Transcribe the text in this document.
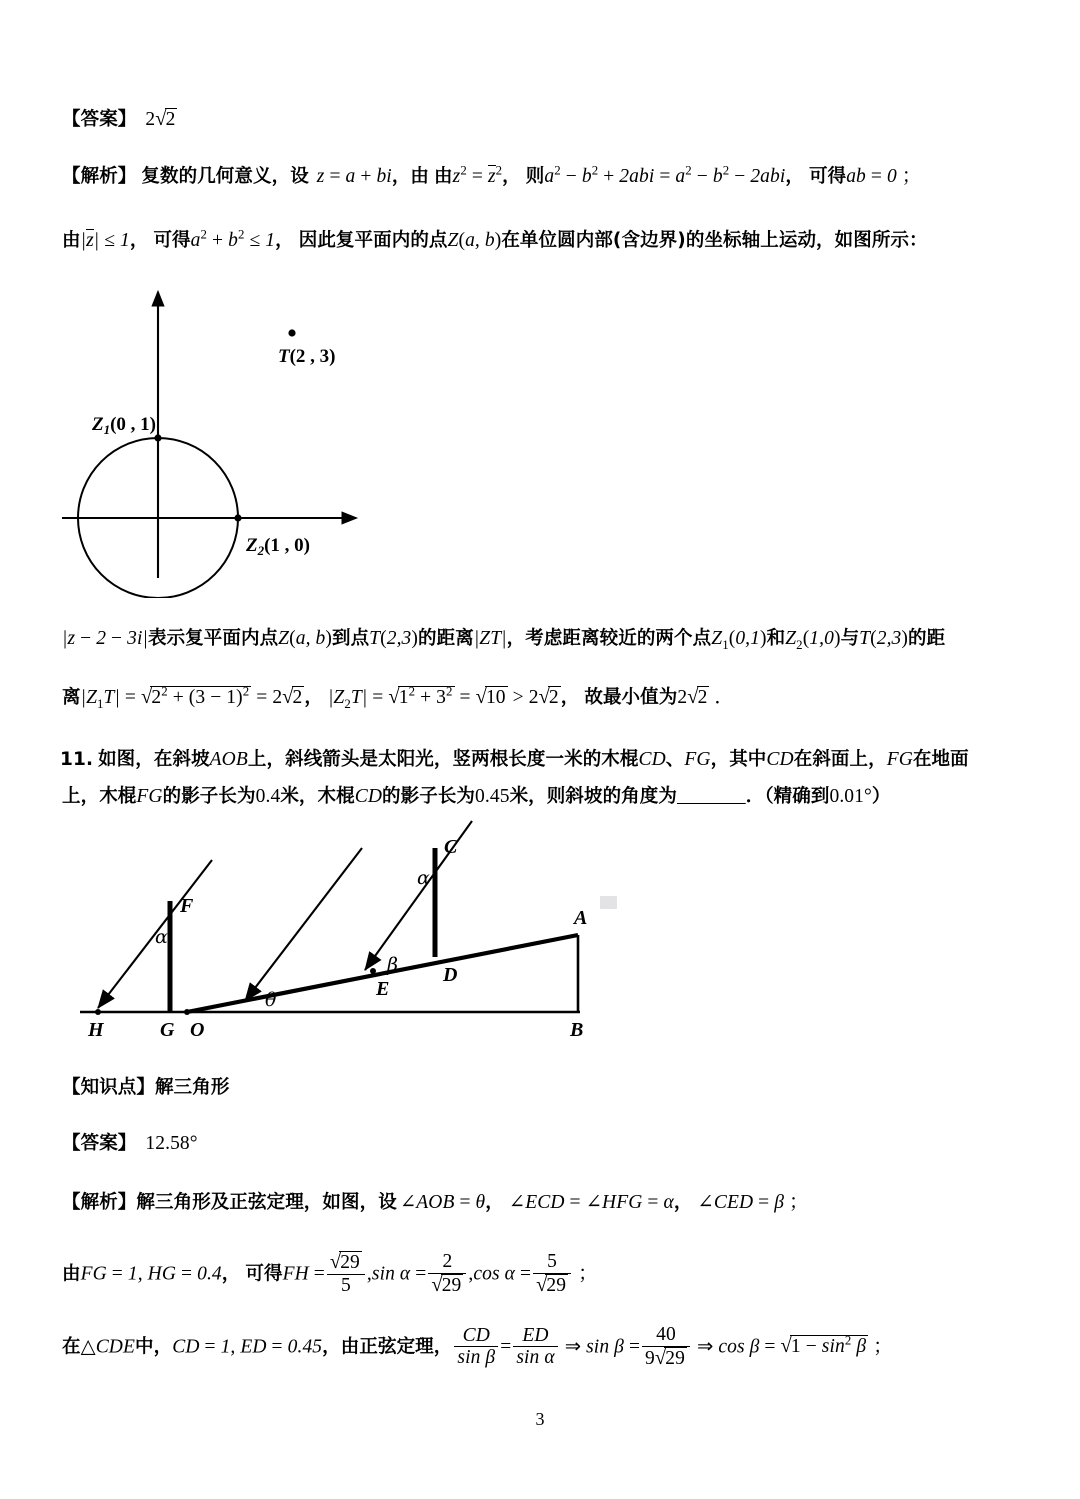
【答案】 2√2
【解析】 复数的几何意义，设 z = a + bi，由 由$z^2 = z^2$， 则$a^2 - b^2 + 2abi = a^2 - b^2 - 2abi$， 可得ab = 0 ；
由|z| ≤ 1， 可得$a^2 + b^2 \le 1$， 因此复平面内的点Z(a, b)在单位圆内部(含边界)的坐标轴上运动，如图所示：
$Z_1(0$ , 1)
$Z_2(1$ , 0)
T(2 , 3)
|z − 2 − 3i|表示复平面内点Z(a, b)到点T(2,3)的距离|ZT|，考虑距离较近的两个点$Z_1(0,1)$和$Z_2(1,0)$与T(2,3)的距
离$|Z_1T| = √2^2 + (3 - 1)^2 = 2√2$ ， $|Z_2T| = √1^2 + 3^2 = √10 > 2√2$ ， 故最小值为2√2 ．
11. 如图，在斜坡AOB上，斜线箭头是太阳光，竖两根长度一米的木棍CD、FG，其中CD在斜面上，FG在地面
上，木棍FG的影子长为0.4米，木棍CD的影子长为0.45米，则斜坡的角度为	．（精确到0.01°）
H	G O
E
D
B
A
C
F
α
α
β
θ
【知识点】解三角形
【答案】 12.58°
【解析】解三角形及正弦定理，如图，设 ∠AOB = θ， ∠ECD = ∠HFG = α， ∠CED = β ；
由FG = 1, HG = 0.4， 可得FH = $\frac{√29}{5} ,\sin$ $\alpha = \frac{2}{√29} ,\cos$ $\alpha = \frac{5}{√29}$ ；
在△CDE中，CD = 1, ED = 0.45，由正弦定理， $\frac{CD}{\text{sin β}} = \frac{ED}{\text{sin α}}$ ⇒ $\sin \beta = \frac{40}{9√29}$ ⇒ $\cos \beta = √1 - \sin^2 \beta$ ；
3
